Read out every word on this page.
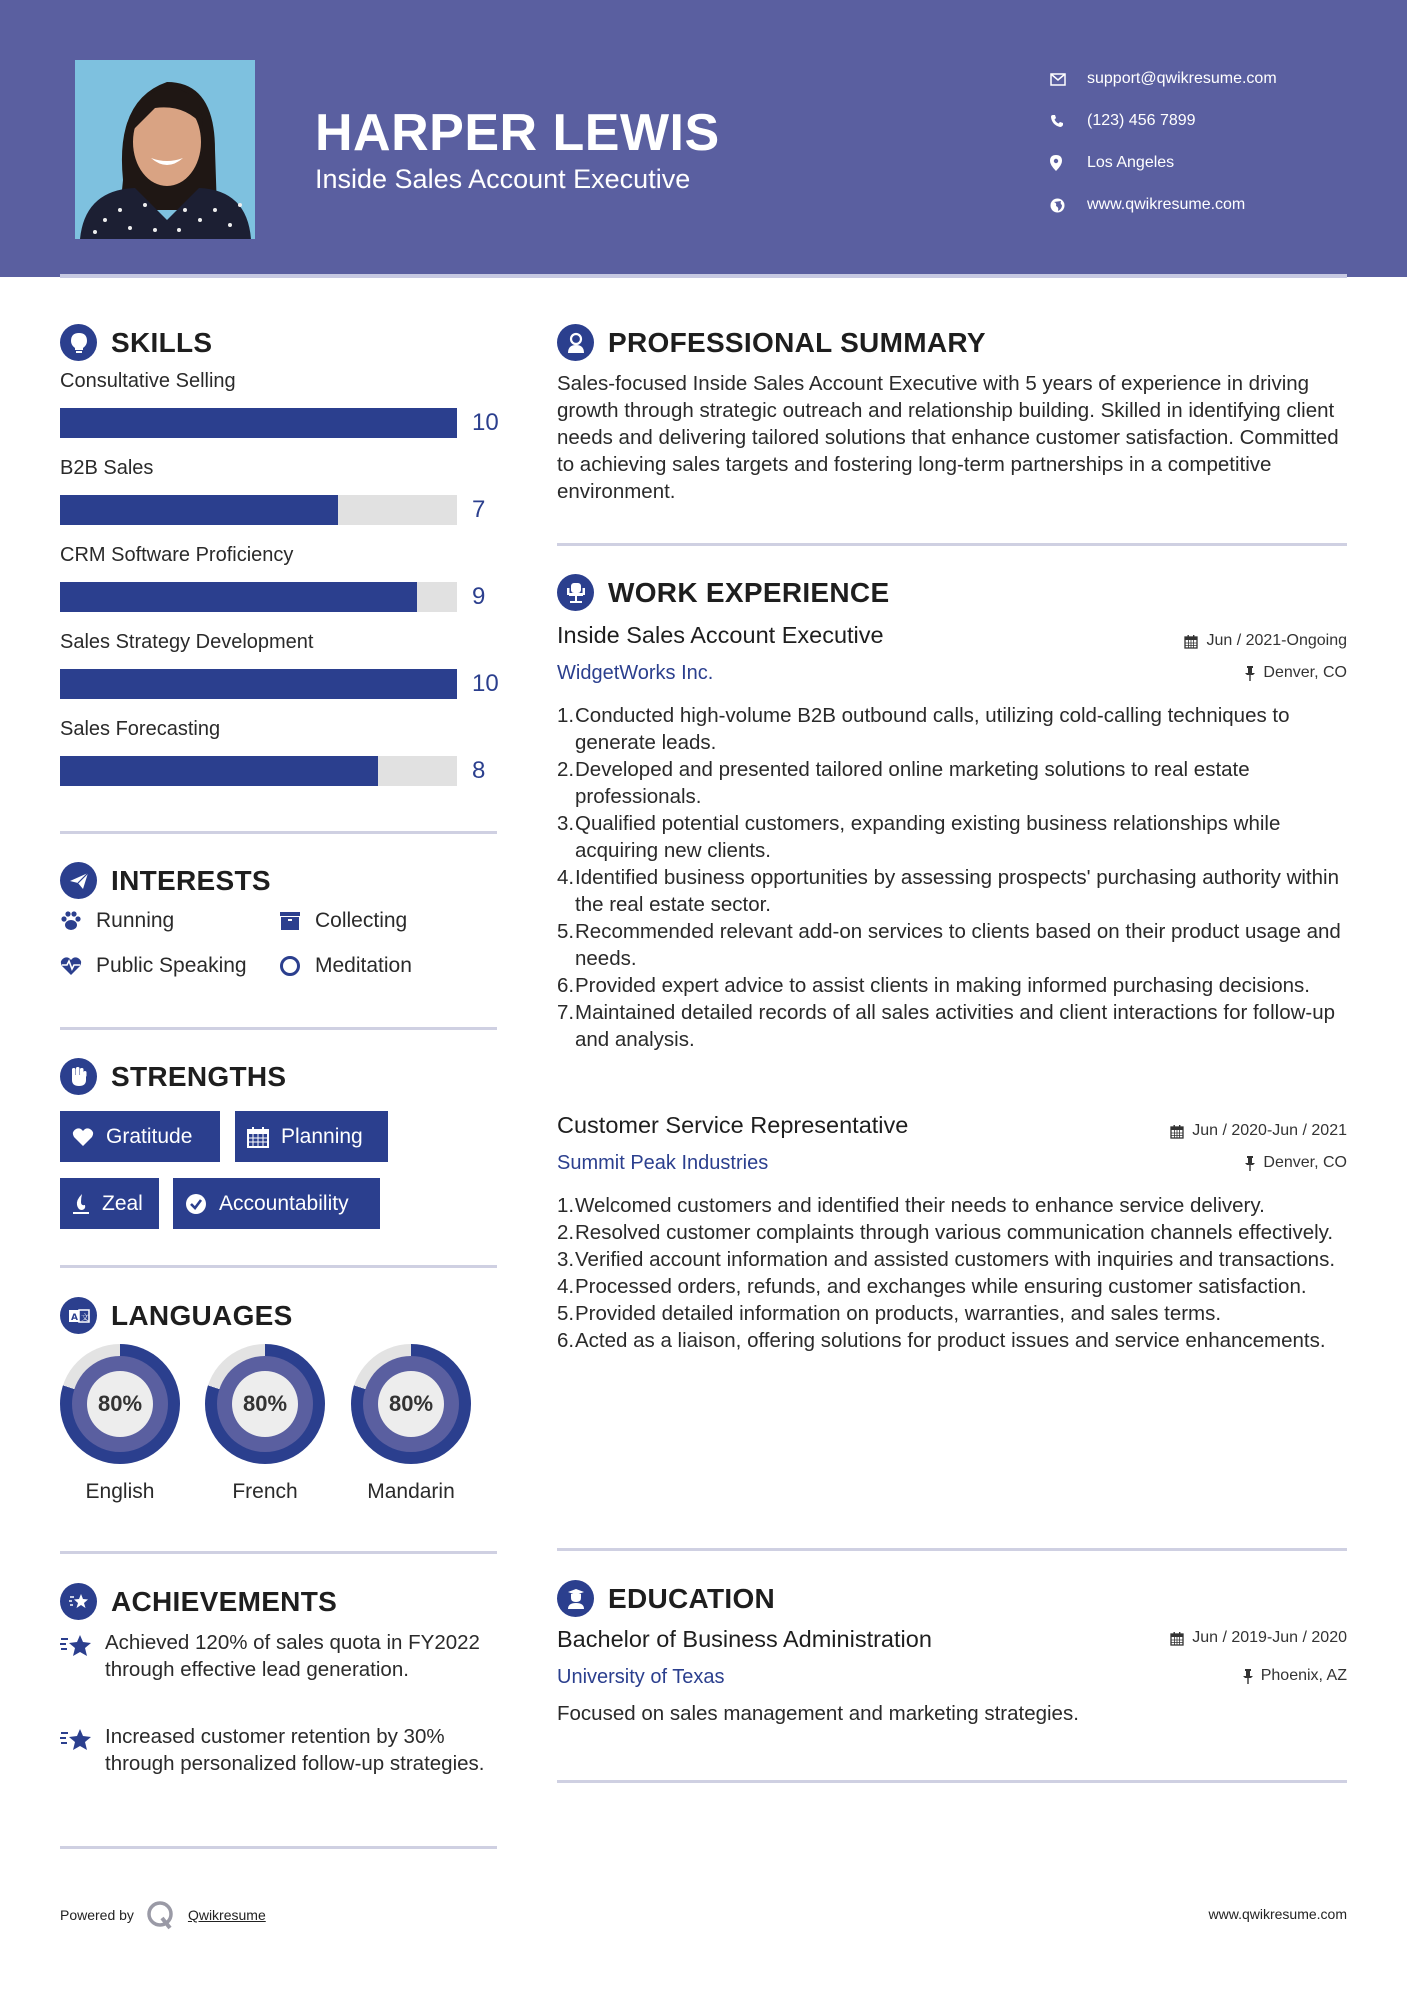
HARPER LEWIS
Inside Sales Account Executive
support@qwikresume.com
(123) 456 7899
Los Angeles
www.qwikresume.com
SKILLS
Consultative Selling
10
B2B Sales
7
CRM Software Proficiency
9
Sales Strategy Development
10
Sales Forecasting
8
INTERESTS
Running	Collecting
Public Speaking	Meditation
STRENGTHS
Gratitude	Planning
Zeal	Accountability
A 文 LANGUAGES
80%
English
80%
French
80%
Mandarin
ACHIEVEMENTS
Achieved 120% of sales quota in FY2022 through effective lead generation.
Increased customer retention by 30% through personalized follow-up strategies.
PROFESSIONAL SUMMARY
Sales-focused Inside Sales Account Executive with 5 years of experience in driving growth through strategic outreach and relationship building. Skilled in identifying client needs and delivering tailored solutions that enhance customer satisfaction. Committed to achieving sales targets and fostering long-term partnerships in a competitive environment.
WORK EXPERIENCE
Inside Sales Account Executive	Jun / 2021-Ongoing
WidgetWorks Inc.	Denver, CO
1. Conducted high-volume B2B outbound calls, utilizing cold-calling techniques to generate leads.
2. Developed and presented tailored online marketing solutions to real estate professionals.
3. Qualified potential customers, expanding existing business relationships while acquiring new clients.
4. Identified business opportunities by assessing prospects' purchasing authority within the real estate sector.
5. Recommended relevant add-on services to clients based on their product usage and needs.
6. Provided expert advice to assist clients in making informed purchasing decisions.
7. Maintained detailed records of all sales activities and client interactions for follow-up and analysis.
Customer Service Representative	Jun / 2020-Jun / 2021
Summit Peak Industries	Denver, CO
1. Welcomed customers and identified their needs to enhance service delivery.
2. Resolved customer complaints through various communication channels effectively.
3. Verified account information and assisted customers with inquiries and transactions.
4. Processed orders, refunds, and exchanges while ensuring customer satisfaction.
5. Provided detailed information on products, warranties, and sales terms.
6. Acted as a liaison, offering solutions for product issues and service enhancements.
EDUCATION
Bachelor of Business Administration	Jun / 2019-Jun / 2020
University of Texas	Phoenix, AZ
Focused on sales management and marketing strategies.
Powered by	Qwikresume	www.qwikresume.com
